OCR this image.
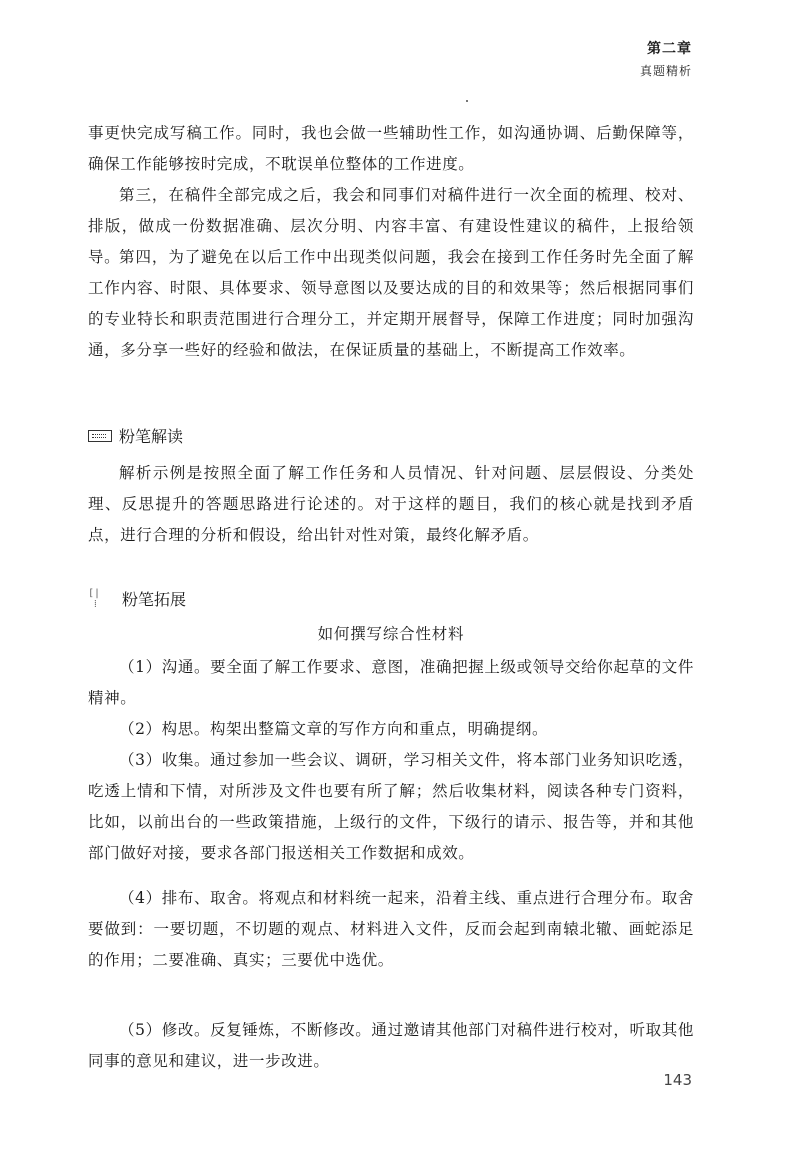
第二章
真题精析

事更快完成写稿工作。同时，我也会做一些辅助性工作，如沟通协调、后勤保障等，确保工作能够按时完成，不耽误单位整体的工作进度。

第三，在稿件全部完成之后，我会和同事们对稿件进行一次全面的梳理、校对、排版，做成一份数据准确、层次分明、内容丰富、有建设性建议的稿件，上报给领导。

第四，为了避免在以后工作中出现类似问题，我会在接到工作任务时先全面了解工作内容、时限、具体要求、领导意图以及要达成的目的和效果等；然后根据同事们的专业特长和职责范围进行合理分工，并定期开展督导，保障工作进度；同时加强沟通，多分享一些好的经验和做法，在保证质量的基础上，不断提高工作效率。

粉笔解读

解析示例是按照全面了解工作任务和人员情况、针对问题、层层假设、分类处理、反思提升的答题思路进行论述的。对于这样的题目，我们的核心就是找到矛盾点，进行合理的分析和假设，给出针对性对策，最终化解矛盾。

[|
⁞ 粉笔拓展
如何撰写综合性材料

（1）沟通。要全面了解工作要求、意图，准确把握上级或领导交给你起草的文件精神。

（2）构思。构架出整篇文章的写作方向和重点，明确提纲。

（3）收集。通过参加一些会议、调研，学习相关文件，将本部门业务知识吃透，吃透上情和下情，对所涉及文件也要有所了解；然后收集材料，阅读各种专门资料，比如，以前出台的一些政策措施，上级行的文件，下级行的请示、报告等，并和其他部门做好对接，要求各部门报送相关工作数据和成效。

（4）排布、取舍。将观点和材料统一起来，沿着主线、重点进行合理分布。取舍要做到：一要切题，不切题的观点、材料进入文件，反而会起到南辕北辙、画蛇添足的作用；二要准确、真实；三要优中选优。

（5）修改。反复锤炼，不断修改。通过邀请其他部门对稿件进行校对，听取其他同事的意见和建议，进一步改进。

143
